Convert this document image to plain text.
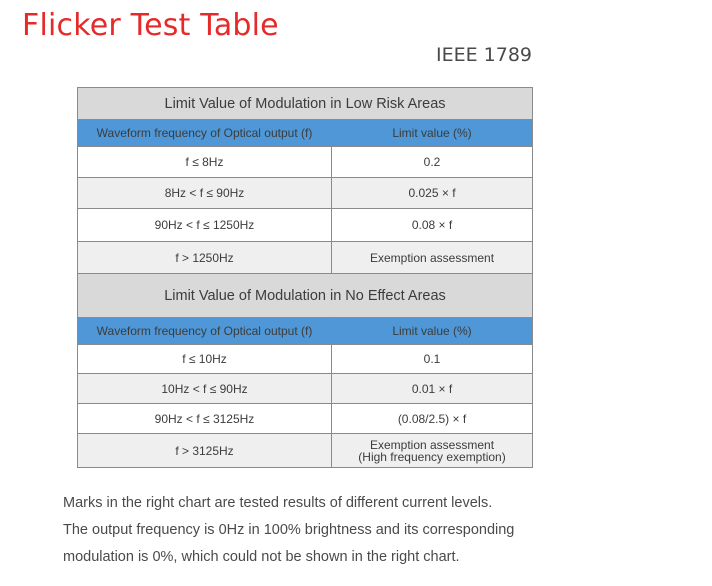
Flicker Test Table
IEEE 1789
Limit Value of Modulation in Low Risk Areas	
Waveform frequency of Optical output (f)	Limit value (%)
f ≤ 8Hz	0.2
8Hz < f ≤ 90Hz	0.025 × f
90Hz < f ≤ 1250Hz	0.08 × f
f > 1250Hz	Exemption assessment
Limit Value of Modulation in No Effect Areas	
Waveform frequency of Optical output (f)	Limit value (%)
f ≤ 10Hz	0.1
10Hz < f ≤ 90Hz	0.01 × f
90Hz < f ≤ 3125Hz	(0.08/2.5) × f
f > 3125Hz	Exemption assessment
(High frequency exemption)

Marks in the right chart are tested results of different current levels.

The output frequency is 0Hz in 100% brightness and its corresponding

modulation is 0%, which could not be shown in the right chart.
